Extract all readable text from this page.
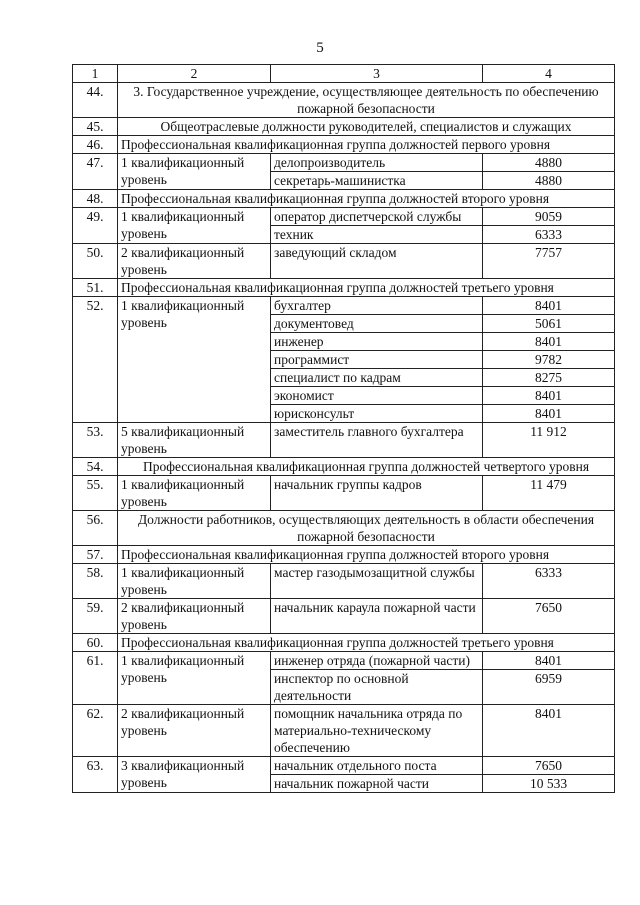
5
1	2	3	4
44.	3. Государственное учреждение, осуществляющее деятельность по обеспечению пожарной безопасности		
45.	Общеотраслевые должности руководителей, специалистов и служащих		
46.	Профессиональная квалификационная группа должностей первого уровня		
47.	1 квалификационный уровень	делопроизводитель	4880
		секретарь-машинистка	4880
48.	Профессиональная квалификационная группа должностей второго уровня		
49.	1 квалификационный уровень	оператор диспетчерской службы	9059
		техник	6333
50.	2 квалификационный уровень	заведующий складом	7757
51.	Профессиональная квалификационная группа должностей третьего уровня		
52.	1 квалификационный уровень	бухгалтер	8401
		документовед	5061
		инженер	8401
		программист	9782
		специалист по кадрам	8275
		экономист	8401
		юрисконсульт	8401
53.	5 квалификационный уровень	заместитель главного бухгалтера	11 912
54.	Профессиональная квалификационная группа должностей четвертого уровня		
55.	1 квалификационный уровень	начальник группы кадров	11 479
56.	Должности работников, осуществляющих деятельность в области обеспечения пожарной безопасности		
57.	Профессиональная квалификационная группа должностей второго уровня		
58.	1 квалификационный уровень	мастер газодымозащитной службы	6333
59.	2 квалификационный уровень	начальник караула пожарной части	7650
60.	Профессиональная квалификационная группа должностей третьего уровня		
61.	1 квалификационный уровень	инженер отряда (пожарной части)	8401
		инспектор по основной деятельности	6959
62.	2 квалификационный уровень	помощник начальника отряда по материально-техническому обеспечению	8401
63.	3 квалификационный уровень	начальник отдельного поста	7650
		начальник пожарной части	10 533
